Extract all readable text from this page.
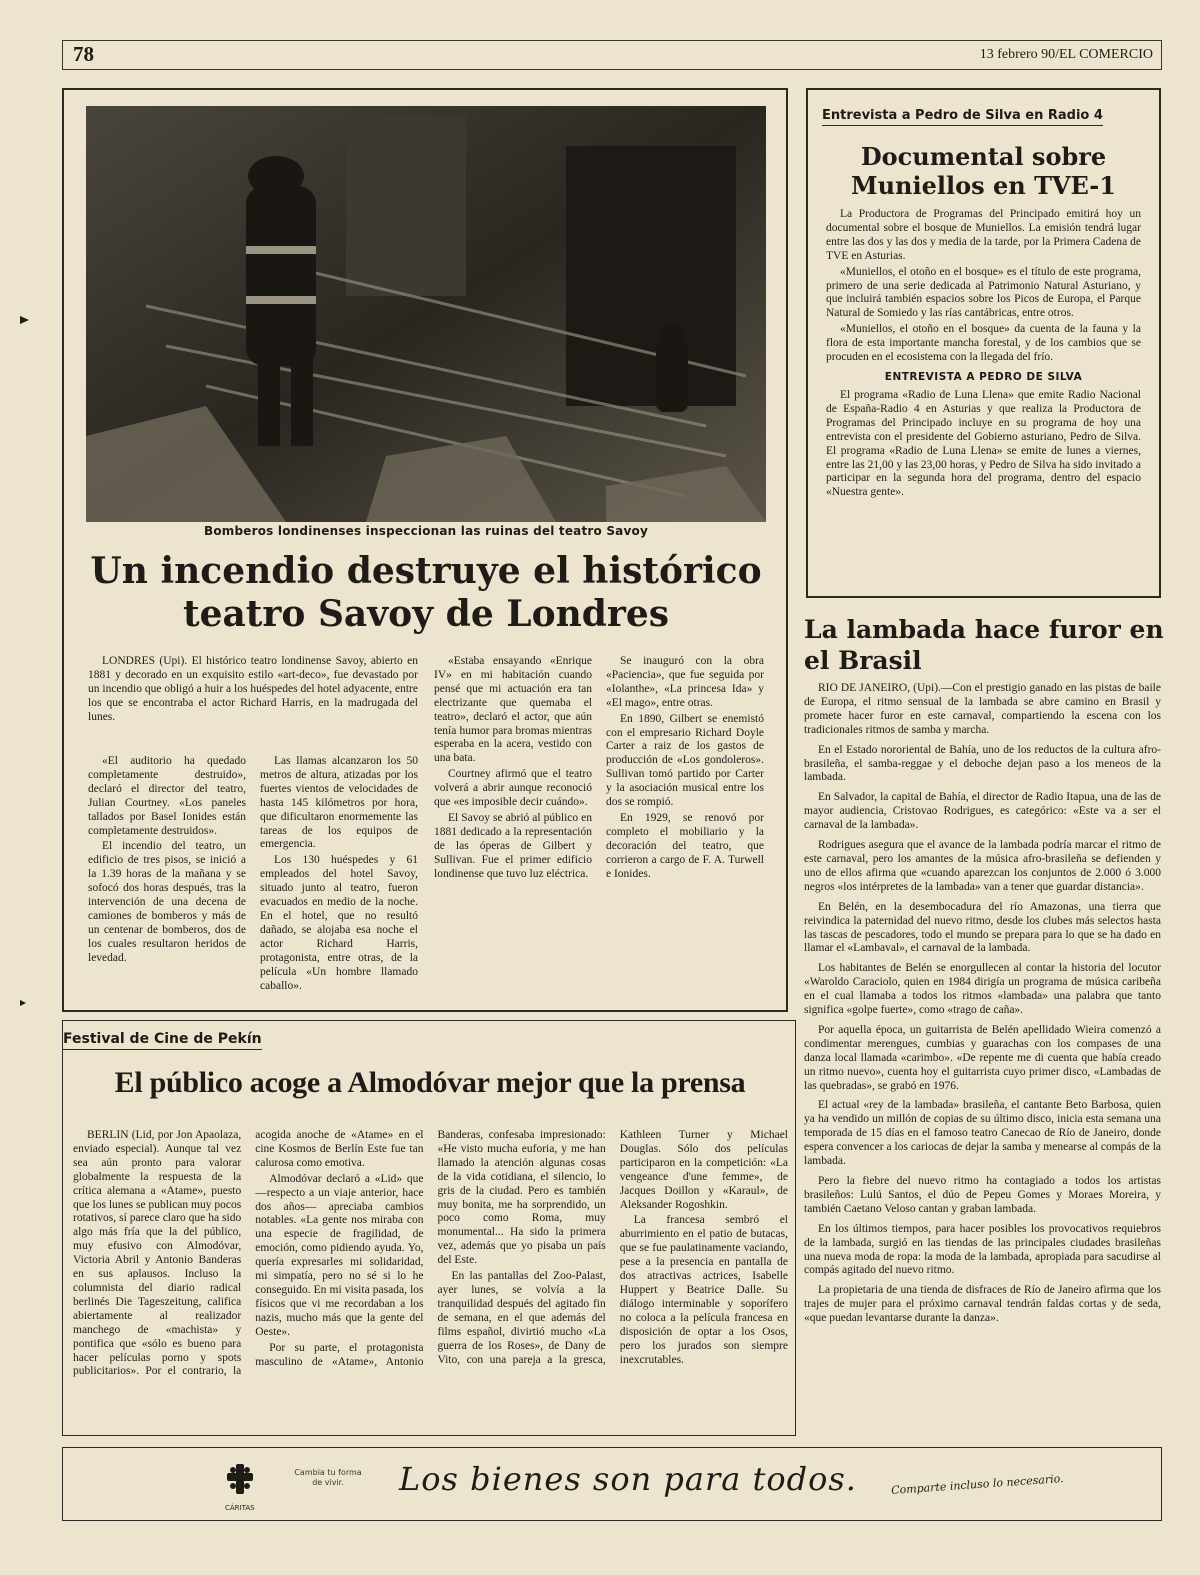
78	13 febrero 90/EL COMERCIO
Bomberos londinenses inspeccionan las ruinas del teatro Savoy
Un incendio destruye el histórico teatro Savoy de Londres

LONDRES (Upi). El histórico teatro londinense Savoy, abierto en 1881 y decorado en un exquisito estilo «art-deco», fue devastado por un incendio que obligó a huir a los huéspedes del hotel adyacente, entre los que se encontraba el actor Richard Harris, en la madrugada del lunes.

«El auditorio ha quedado completamente destruido», declaró el director del teatro, Julian Courtney. «Los paneles tallados por Basel Ionides están completamente destruidos».

El incendio del teatro, un edificio de tres pisos, se inició a la 1.39 horas de la mañana y se sofocó dos horas después, tras la intervención de una decena de camiones de bomberos y más de un centenar de bomberos, dos de los cuales resultaron heridos de levedad.

Las llamas alcanzaron los 50 metros de altura, atizadas por los fuertes vientos de velocidades de hasta 145 kilómetros por hora, que dificultaron enormemente las tareas de los equipos de emergencia.

Los 130 huéspedes y 61 empleados del hotel Savoy, situado junto al teatro, fueron evacuados en medio de la noche. En el hotel, que no resultó dañado, se alojaba esa noche el actor Richard Harris, protagonista, entre otras, de la película «Un hombre llamado caballo».

«Estaba ensayando «Enrique IV» en mi habitación cuando pensé que mi actuación era tan electrizante que quemaba el teatro», declaró el actor, que aún tenía humor para bromas mientras esperaba en la acera, vestido con una bata.

Courtney afirmó que el teatro volverá a abrir aunque reconoció que «es imposible decir cuándo».

El Savoy se abrió al público en 1881 dedicado a la representación de las óperas de Gilbert y Sullivan. Fue el primer edificio londinense que tuvo luz eléctrica.

Se inauguró con la obra «Paciencia», que fue seguida por «Iolanthe», «La princesa Ida» y «El mago», entre otras.

En 1890, Gilbert se enemistó con el empresario Richard Doyle Carter a raiz de los gastos de producción de «Los gondoleros». Sullivan tomó partido por Carter y la asociación musical entre los dos se rompió.

En 1929, se renovó por completo el mobiliario y la decoración del teatro, que corrieron a cargo de F. A. Turwell e Ionides.

Entrevista a Pedro de Silva en Radio 4
Documental sobre Muniellos en TVE-1

La Productora de Programas del Principado emitirá hoy un documental sobre el bosque de Muniellos. La emisión tendrá lugar entre las dos y las dos y media de la tarde, por la Primera Cadena de TVE en Asturias.

«Muniellos, el otoño en el bosque» es el título de este programa, primero de una serie dedicada al Patrimonio Natural Asturiano, y que incluirá también espacios sobre los Picos de Europa, el Parque Natural de Somiedo y las rías cantábricas, entre otros.

«Muniellos, el otoño en el bosque» da cuenta de la fauna y la flora de esta importante mancha forestal, y de los cambios que se procuden en el ecosistema con la llegada del frío.

ENTREVISTA A PEDRO DE SILVA

El programa «Radio de Luna Llena» que emite Radio Nacional de España-Radio 4 en Asturias y que realiza la Productora de Programas del Principado incluye en su programa de hoy una entrevista con el presidente del Gobierno asturiano, Pedro de Silva. El programa «Radio de Luna Llena» se emite de lunes a viernes, entre las 21,00 y las 23,00 horas, y Pedro de Silva ha sido invitado a participar en la segunda hora del programa, dentro del espacio «Nuestra gente».

La lambada hace furor en el Brasil

RIO DE JANEIRO, (Upi).—Con el prestigio ganado en las pistas de baile de Europa, el ritmo sensual de la lambada se abre camino en Brasil y promete hacer furor en este carnaval, compartiendo la escena con los tradicionales ritmos de samba y marcha.

En el Estado nororiental de Bahía, uno de los reductos de la cultura afro-brasileña, el samba-reggae y el deboche dejan paso a los meneos de la lambada.

En Salvador, la capital de Bahía, el director de Radio Itapua, una de las de mayor audiencia, Cristovao Rodrigues, es categórico: «Este va a ser el carnaval de la lambada».

Rodrigues asegura que el avance de la lambada podría marcar el ritmo de este carnaval, pero los amantes de la música afro-brasileña se defienden y uno de ellos afirma que «cuando aparezcan los conjuntos de 2.000 ó 3.000 negros «los intérpretes de la lambada» van a tener que guardar distancia».

En Belén, en la desembocadura del río Amazonas, una tierra que reivindica la paternidad del nuevo ritmo, desde los clubes más selectos hasta las tascas de pescadores, todo el mundo se prepara para lo que se ha dado en llamar el «Lambaval», el carnaval de la lambada.

Los habitantes de Belén se enorgullecen al contar la historia del locutor «Waroldo Caraciolo, quien en 1984 dirigía un programa de música caribeña en el cual llamaba a todos los ritmos «lambada» una palabra que tanto significa «golpe fuerte», como «trago de caña».

Por aquella época, un guitarrista de Belén apellidado Wieira comenzó a condimentar merengues, cumbias y guarachas con los compases de una danza local llamada «carimbo». «De repente me di cuenta que había creado un ritmo nuevo», cuenta hoy el guitarrista cuyo primer disco, «Lambadas de las quebradas», se grabó en 1976.

El actual «rey de la lambada» brasileña, el cantante Beto Barbosa, quien ya ha vendido un millón de copias de su último disco, inicia esta semana una temporada de 15 días en el famoso teatro Canecao de Río de Janeiro, donde espera convencer a los cariocas de dejar la samba y menearse al compás de la lambada.

Pero la fiebre del nuevo ritmo ha contagiado a todos los artistas brasileños: Lulú Santos, el dúo de Pepeu Gomes y Moraes Moreira, y también Caetano Veloso cantan y graban lambada.

En los últimos tiempos, para hacer posibles los provocativos requiebros de la lambada, surgió en las tiendas de las principales ciudades brasileñas una nueva moda de ropa: la moda de la lambada, apropiada para sacudirse al compás agitado del nuevo ritmo.

La propietaria de una tienda de disfraces de Río de Janeiro afirma que los trajes de mujer para el próximo carnaval tendrán faldas cortas y de seda, «que puedan levantarse durante la danza».

Festival de Cine de Pekín
El público acoge a Almodóvar mejor que la prensa

BERLIN (Lid, por Jon Apaolaza, enviado especial). Aunque tal vez sea aún pronto para valorar globalmente la respuesta de la crítica alemana a «Atame», puesto que los lunes se publican muy pocos rotativos, sí parece claro que ha sido algo más fría que la del público, muy efusivo con Almodóvar, Victoria Abril y Antonio Banderas en sus aplausos. Incluso la columnista del diario radical berlinés Die Tageszeitung, califica abiertamente al realizador manchego de «machista» y pontifica que «sólo es bueno para hacer películas porno y spots publicitarios». Por el contrario, la acogida anoche de «Atame» en el cine Kosmos de Berlín Este fue tan calurosa como emotiva.

Almodóvar declaró a «Lid» que —respecto a un viaje anterior, hace dos años— apreciaba cambios notables. «La gente nos miraba con una especie de fragilidad, de emoción, como pidiendo ayuda. Yo, quería expresarles mi solidaridad, mi simpatía, pero no sé si lo he conseguido. En mi visita pasada, los físicos que vi me recordaban a los nazis, mucho más que la gente del Oeste».

Por su parte, el protagonista masculino de «Atame», Antonio Banderas, confesaba impresionado: «He visto mucha euforia, y me han llamado la atención algunas cosas de la vida cotidiana, el silencio, lo gris de la ciudad. Pero es también muy bonita, me ha sorprendido, un poco como Roma, muy monumental... Ha sido la primera vez, además que yo pisaba un país del Este.

En las pantallas del Zoo-Palast, ayer lunes, se volvía a la tranquilidad después del agitado fin de semana, en el que además del films español, divirtió mucho «La guerra de los Roses», de Dany de Vito, con una pareja a la gresca, Kathleen Turner y Michael Douglas. Sólo dos películas participaron en la competición: «La vengeance d'une femme», de Jacques Doillon y «Karaul», de Aleksander Rogoshkin.

La francesa sembró el aburrimiento en el patio de butacas, que se fue paulatinamente vaciando, pese a la presencia en pantalla de dos atractivas actrices, Isabelle Huppert y Beatrice Dalle. Su diálogo interminable y soporífero no coloca a la película francesa en disposición de optar a los Osos, pero los jurados son siempre inexcrutables.

CÁRITAS
Cambia tu forma de vivir.	Los bienes son para todos.	Comparte incluso lo necesario.
